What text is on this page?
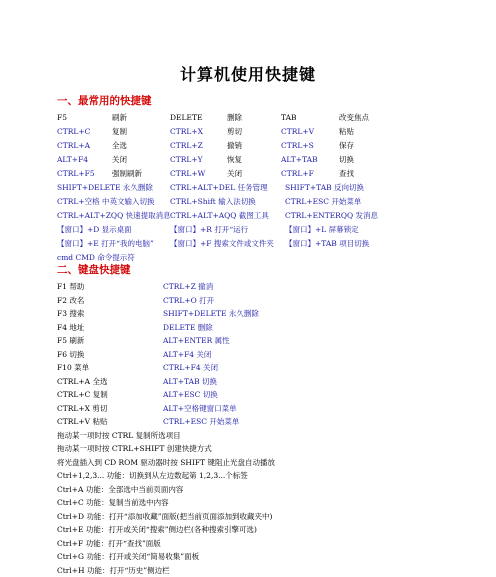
计算机使用快捷键
一、最常用的快捷键
F5	刷新	DELETE	删除	TAB	改变焦点
CTRL+C	复制	CTRL+X	剪切	CTRL+V	粘贴
CTRL+A	全选	CTRL+Z	撤销	CTRL+S	保存
ALT+F4	关闭	CTRL+Y	恢复	ALT+TAB	切换
CTRL+F5 强制刷新	CTRL+W	关闭	CTRL+F	查找
SHIFT+DELETE 永久删除 CTRL+ALT+DEL 任务管理 SHIFT+TAB 反向切换
CTRL+空格 中英文输入切换 CTRL+Shift 输入法切换	CTRL+ESC 开始菜单
CTRL+ALT+ZQQ 快速提取消息 CTRL+ALT+AQQ 截图工具 CTRL+ENTERQQ 发消息
【窗口】+D 显示桌面	【窗口】+R 打开“运行	【窗口】+L 屏幕锁定
【窗口】+E 打开“我的电脑” 【窗口】+F 搜索文件或文件夹 【窗口】+TAB 项目切换
cmd CMD 命令提示符
二、键盘快捷键
F1 帮助	CTRL+Z 撤消
F2 改名	CTRL+O 打开
F3 搜索	SHIFT+DELETE 永久删除
F4 地址	DELETE 删除
F5 刷新	ALT+ENTER 属性
F6 切换	ALT+F4 关闭
F10 菜单	CTRL+F4 关闭
CTRL+A 全选	ALT+TAB 切换
CTRL+C 复制	ALT+ESC 切换
CTRL+X 剪切	ALT+空格键窗口菜单
CTRL+V 粘贴	CTRL+ESC 开始菜单
拖动某一项时按 CTRL 复制所选项目
拖动某一项时按 CTRL+SHIFT 创建快捷方式
将光盘插入到 CD ROM 驱动器时按 SHIFT 键阻止光盘自动播放
Ctrl+1,2,3... 功能：切换到从左边数起第 1,2,3...个标签
Ctrl+A 功能：全部选中当前页面内容
Ctrl+C 功能：复制当前选中内容
Ctrl+D 功能：打开“添加收藏”面版(把当前页面添加到收藏夹中)
Ctrl+E 功能：打开或关闭“搜索”侧边栏(各种搜索引擎可选)
Ctrl+F 功能：打开“查找”面版
Ctrl+G 功能：打开或关闭“简易收集”面板
Ctrl+H 功能：打开“历史”侧边栏
